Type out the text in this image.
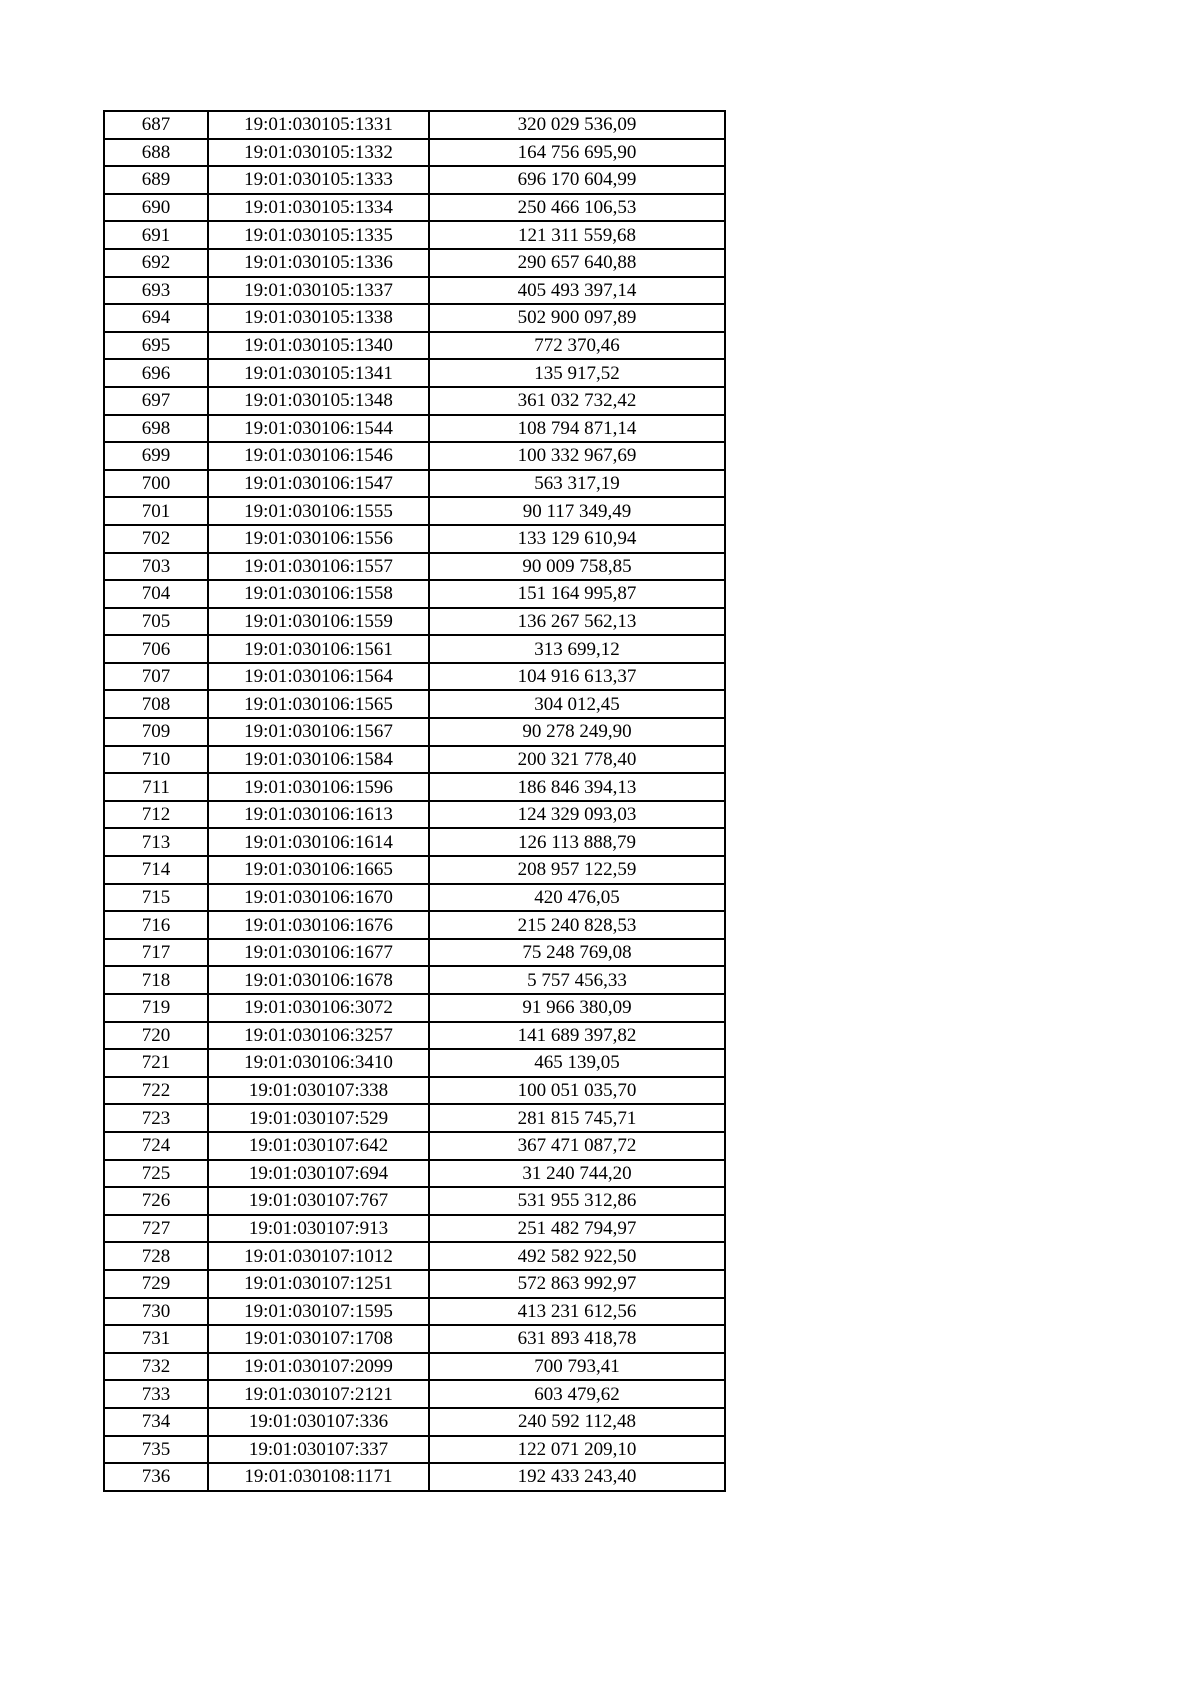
687	19:01:030105:1331	320 029 536,09
688	19:01:030105:1332	164 756 695,90
689	19:01:030105:1333	696 170 604,99
690	19:01:030105:1334	250 466 106,53
691	19:01:030105:1335	121 311 559,68
692	19:01:030105:1336	290 657 640,88
693	19:01:030105:1337	405 493 397,14
694	19:01:030105:1338	502 900 097,89
695	19:01:030105:1340	772 370,46
696	19:01:030105:1341	135 917,52
697	19:01:030105:1348	361 032 732,42
698	19:01:030106:1544	108 794 871,14
699	19:01:030106:1546	100 332 967,69
700	19:01:030106:1547	563 317,19
701	19:01:030106:1555	90 117 349,49
702	19:01:030106:1556	133 129 610,94
703	19:01:030106:1557	90 009 758,85
704	19:01:030106:1558	151 164 995,87
705	19:01:030106:1559	136 267 562,13
706	19:01:030106:1561	313 699,12
707	19:01:030106:1564	104 916 613,37
708	19:01:030106:1565	304 012,45
709	19:01:030106:1567	90 278 249,90
710	19:01:030106:1584	200 321 778,40
711	19:01:030106:1596	186 846 394,13
712	19:01:030106:1613	124 329 093,03
713	19:01:030106:1614	126 113 888,79
714	19:01:030106:1665	208 957 122,59
715	19:01:030106:1670	420 476,05
716	19:01:030106:1676	215 240 828,53
717	19:01:030106:1677	75 248 769,08
718	19:01:030106:1678	5 757 456,33
719	19:01:030106:3072	91 966 380,09
720	19:01:030106:3257	141 689 397,82
721	19:01:030106:3410	465 139,05
722	19:01:030107:338	100 051 035,70
723	19:01:030107:529	281 815 745,71
724	19:01:030107:642	367 471 087,72
725	19:01:030107:694	31 240 744,20
726	19:01:030107:767	531 955 312,86
727	19:01:030107:913	251 482 794,97
728	19:01:030107:1012	492 582 922,50
729	19:01:030107:1251	572 863 992,97
730	19:01:030107:1595	413 231 612,56
731	19:01:030107:1708	631 893 418,78
732	19:01:030107:2099	700 793,41
733	19:01:030107:2121	603 479,62
734	19:01:030107:336	240 592 112,48
735	19:01:030107:337	122 071 209,10
736	19:01:030108:1171	192 433 243,40
